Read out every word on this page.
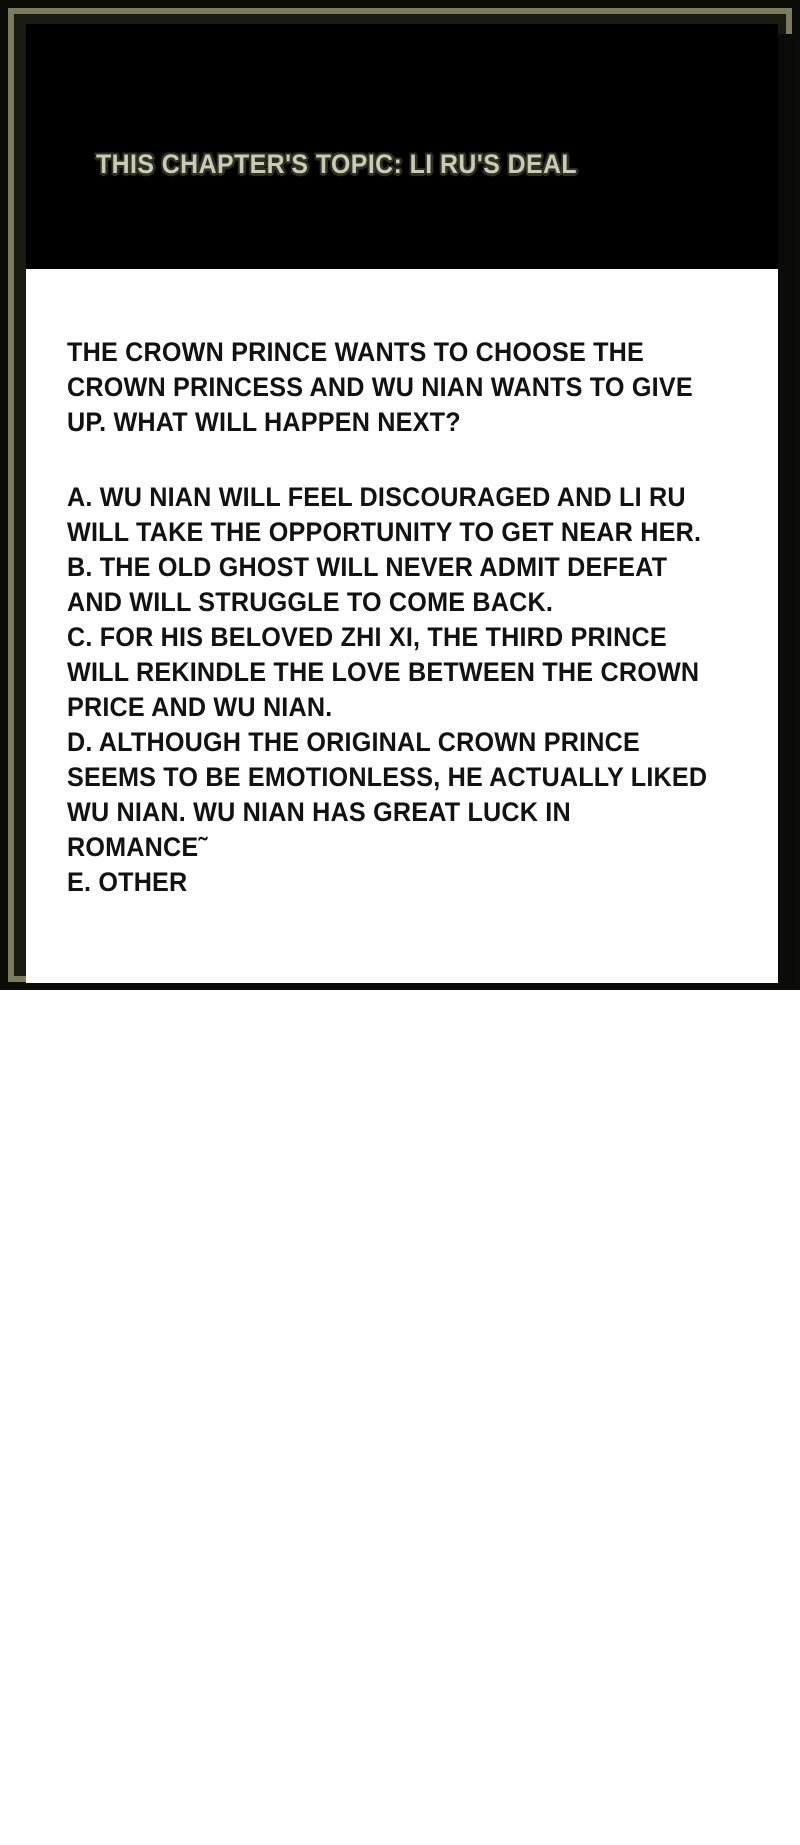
THIS CHAPTER'S TOPIC: LI RU'S DEAL

THE CROWN PRINCE WANTS TO CHOOSE THE CROWN PRINCESS AND WU NIAN WANTS TO GIVE UP. WHAT WILL HAPPEN NEXT?

A. WU NIAN WILL FEEL DISCOURAGED AND LI RU WILL TAKE THE OPPORTUNITY TO GET NEAR HER.

B. THE OLD GHOST WILL NEVER ADMIT DEFEAT AND WILL STRUGGLE TO COME BACK.

C. FOR HIS BELOVED ZHI XI, THE THIRD PRINCE WILL REKINDLE THE LOVE BETWEEN THE CROWN PRICE AND WU NIAN.

D. ALTHOUGH THE ORIGINAL CROWN PRINCE SEEMS TO BE EMOTIONLESS, HE ACTUALLY LIKED WU NIAN. WU NIAN HAS GREAT LUCK IN ROMANCE˜

E. OTHER
